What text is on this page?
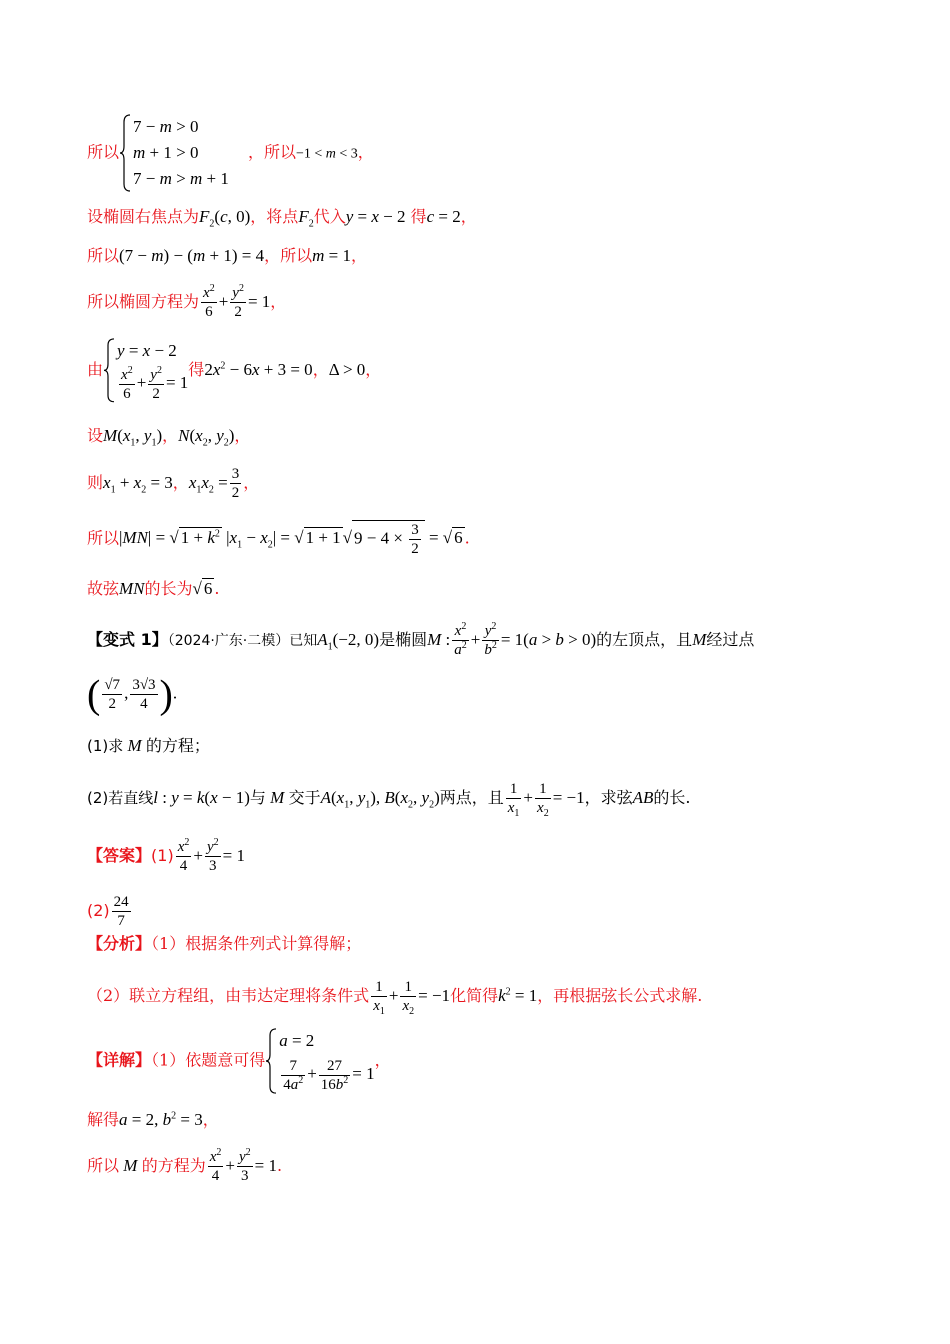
所以
7 − m > 0
m + 1 > 0
7 − m > m + 1
，所以−1 < m < 3，
设椭圆右焦点为$F_2(c$, 0)，将点$F_2$代入y = x − 2 得c = 2，
所以(7 − m) − (m + 1) = 4，所以m = 1，
所以椭圆方程为 $\frac{x^2}{6} + \frac{y^2}{2} = 1$，
由
y = x − 2
$\frac{x^2}{6} + \frac{y^2}{2} = 1$
得$2x^2 - 6x + 3 = 0$，Δ > 0，
设$M(x_1$, $y_1$)，$N(x_2$, $y_2$)，
则$x_1 + x_2 = 3$，$x_1x_2 = \frac{3}{2}$ ，
所以|MN| = √ $1 + k^2$ $|x_1 - x_2|$ = √ 1 + 1 √ $9 - 4 \times \frac{3}{2}$ = √ 6 .
故弦MN的长为√ 6 .
【变式 1】（2024·广东·二模）已知$A_1(-2$, 0)是椭圆M : $\frac{x^2}{a^2} + \frac{y^2}{b^2} = 1(a > b > 0)$的左顶点，且M经过点
( $\frac{√7}{2}$ , $\frac{3√3}{4}$ ).
(1)求 M 的方程；
(2)若直线l : y = k(x − 1)与 M 交于$A(x_1$, $y_1$), $B(x_2$, $y_2$)两点，且 $\frac{1}{x_1} + \frac{1}{x_2} = -1$，求弦AB的长.
【答案】$(1) \frac{x^2}{4} + \frac{y^2}{3} = 1$
$(2) \frac{24}{7}$
【分析】（1）根据条件列式计算得解；
（2）联立方程组，由韦达定理将条件式 $\frac{1}{x_1} + \frac{1}{x_2} = -1$化简得$k^2 = 1$，再根据弦长公式求解.
【详解】（1）依题意可得
a = 2
$\frac{7}{4a^2} + \frac{27}{16b^2} = 1$
，
解得a = 2, $b^2 = 3$，
所以 M 的方程为 $\frac{x^2}{4} + \frac{y^2}{3} = 1$.
